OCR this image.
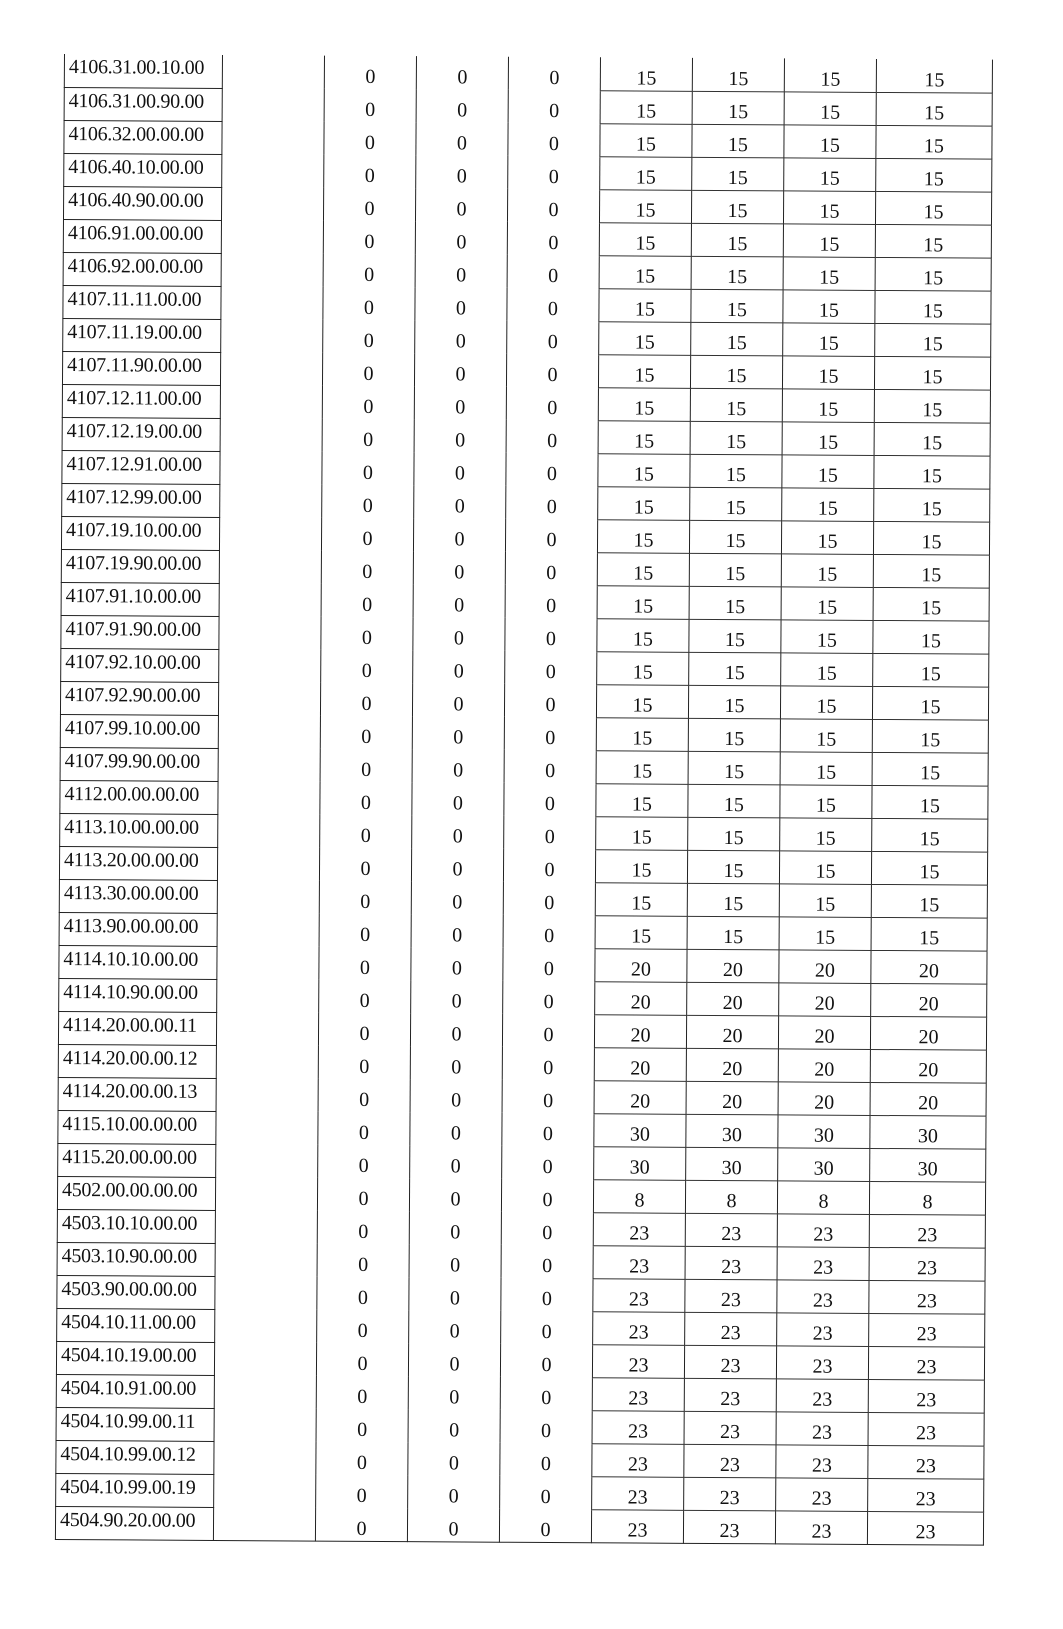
4106.31.00.10.00		0	0	0	15	15	15	15
4106.31.00.90.00		0	0	0	15	15	15	15
4106.32.00.00.00		0	0	0	15	15	15	15
4106.40.10.00.00		0	0	0	15	15	15	15
4106.40.90.00.00		0	0	0	15	15	15	15
4106.91.00.00.00		0	0	0	15	15	15	15
4106.92.00.00.00		0	0	0	15	15	15	15
4107.11.11.00.00		0	0	0	15	15	15	15
4107.11.19.00.00		0	0	0	15	15	15	15
4107.11.90.00.00		0	0	0	15	15	15	15
4107.12.11.00.00		0	0	0	15	15	15	15
4107.12.19.00.00		0	0	0	15	15	15	15
4107.12.91.00.00		0	0	0	15	15	15	15
4107.12.99.00.00		0	0	0	15	15	15	15
4107.19.10.00.00		0	0	0	15	15	15	15
4107.19.90.00.00		0	0	0	15	15	15	15
4107.91.10.00.00		0	0	0	15	15	15	15
4107.91.90.00.00		0	0	0	15	15	15	15
4107.92.10.00.00		0	0	0	15	15	15	15
4107.92.90.00.00		0	0	0	15	15	15	15
4107.99.10.00.00		0	0	0	15	15	15	15
4107.99.90.00.00		0	0	0	15	15	15	15
4112.00.00.00.00		0	0	0	15	15	15	15
4113.10.00.00.00		0	0	0	15	15	15	15
4113.20.00.00.00		0	0	0	15	15	15	15
4113.30.00.00.00		0	0	0	15	15	15	15
4113.90.00.00.00		0	0	0	15	15	15	15
4114.10.10.00.00		0	0	0	20	20	20	20
4114.10.90.00.00		0	0	0	20	20	20	20
4114.20.00.00.11		0	0	0	20	20	20	20
4114.20.00.00.12		0	0	0	20	20	20	20
4114.20.00.00.13		0	0	0	20	20	20	20
4115.10.00.00.00		0	0	0	30	30	30	30
4115.20.00.00.00		0	0	0	30	30	30	30
4502.00.00.00.00		0	0	0	8	8	8	8
4503.10.10.00.00		0	0	0	23	23	23	23
4503.10.90.00.00		0	0	0	23	23	23	23
4503.90.00.00.00		0	0	0	23	23	23	23
4504.10.11.00.00		0	0	0	23	23	23	23
4504.10.19.00.00		0	0	0	23	23	23	23
4504.10.91.00.00		0	0	0	23	23	23	23
4504.10.99.00.11		0	0	0	23	23	23	23
4504.10.99.00.12		0	0	0	23	23	23	23
4504.10.99.00.19		0	0	0	23	23	23	23
4504.90.20.00.00		0	0	0	23	23	23	23
